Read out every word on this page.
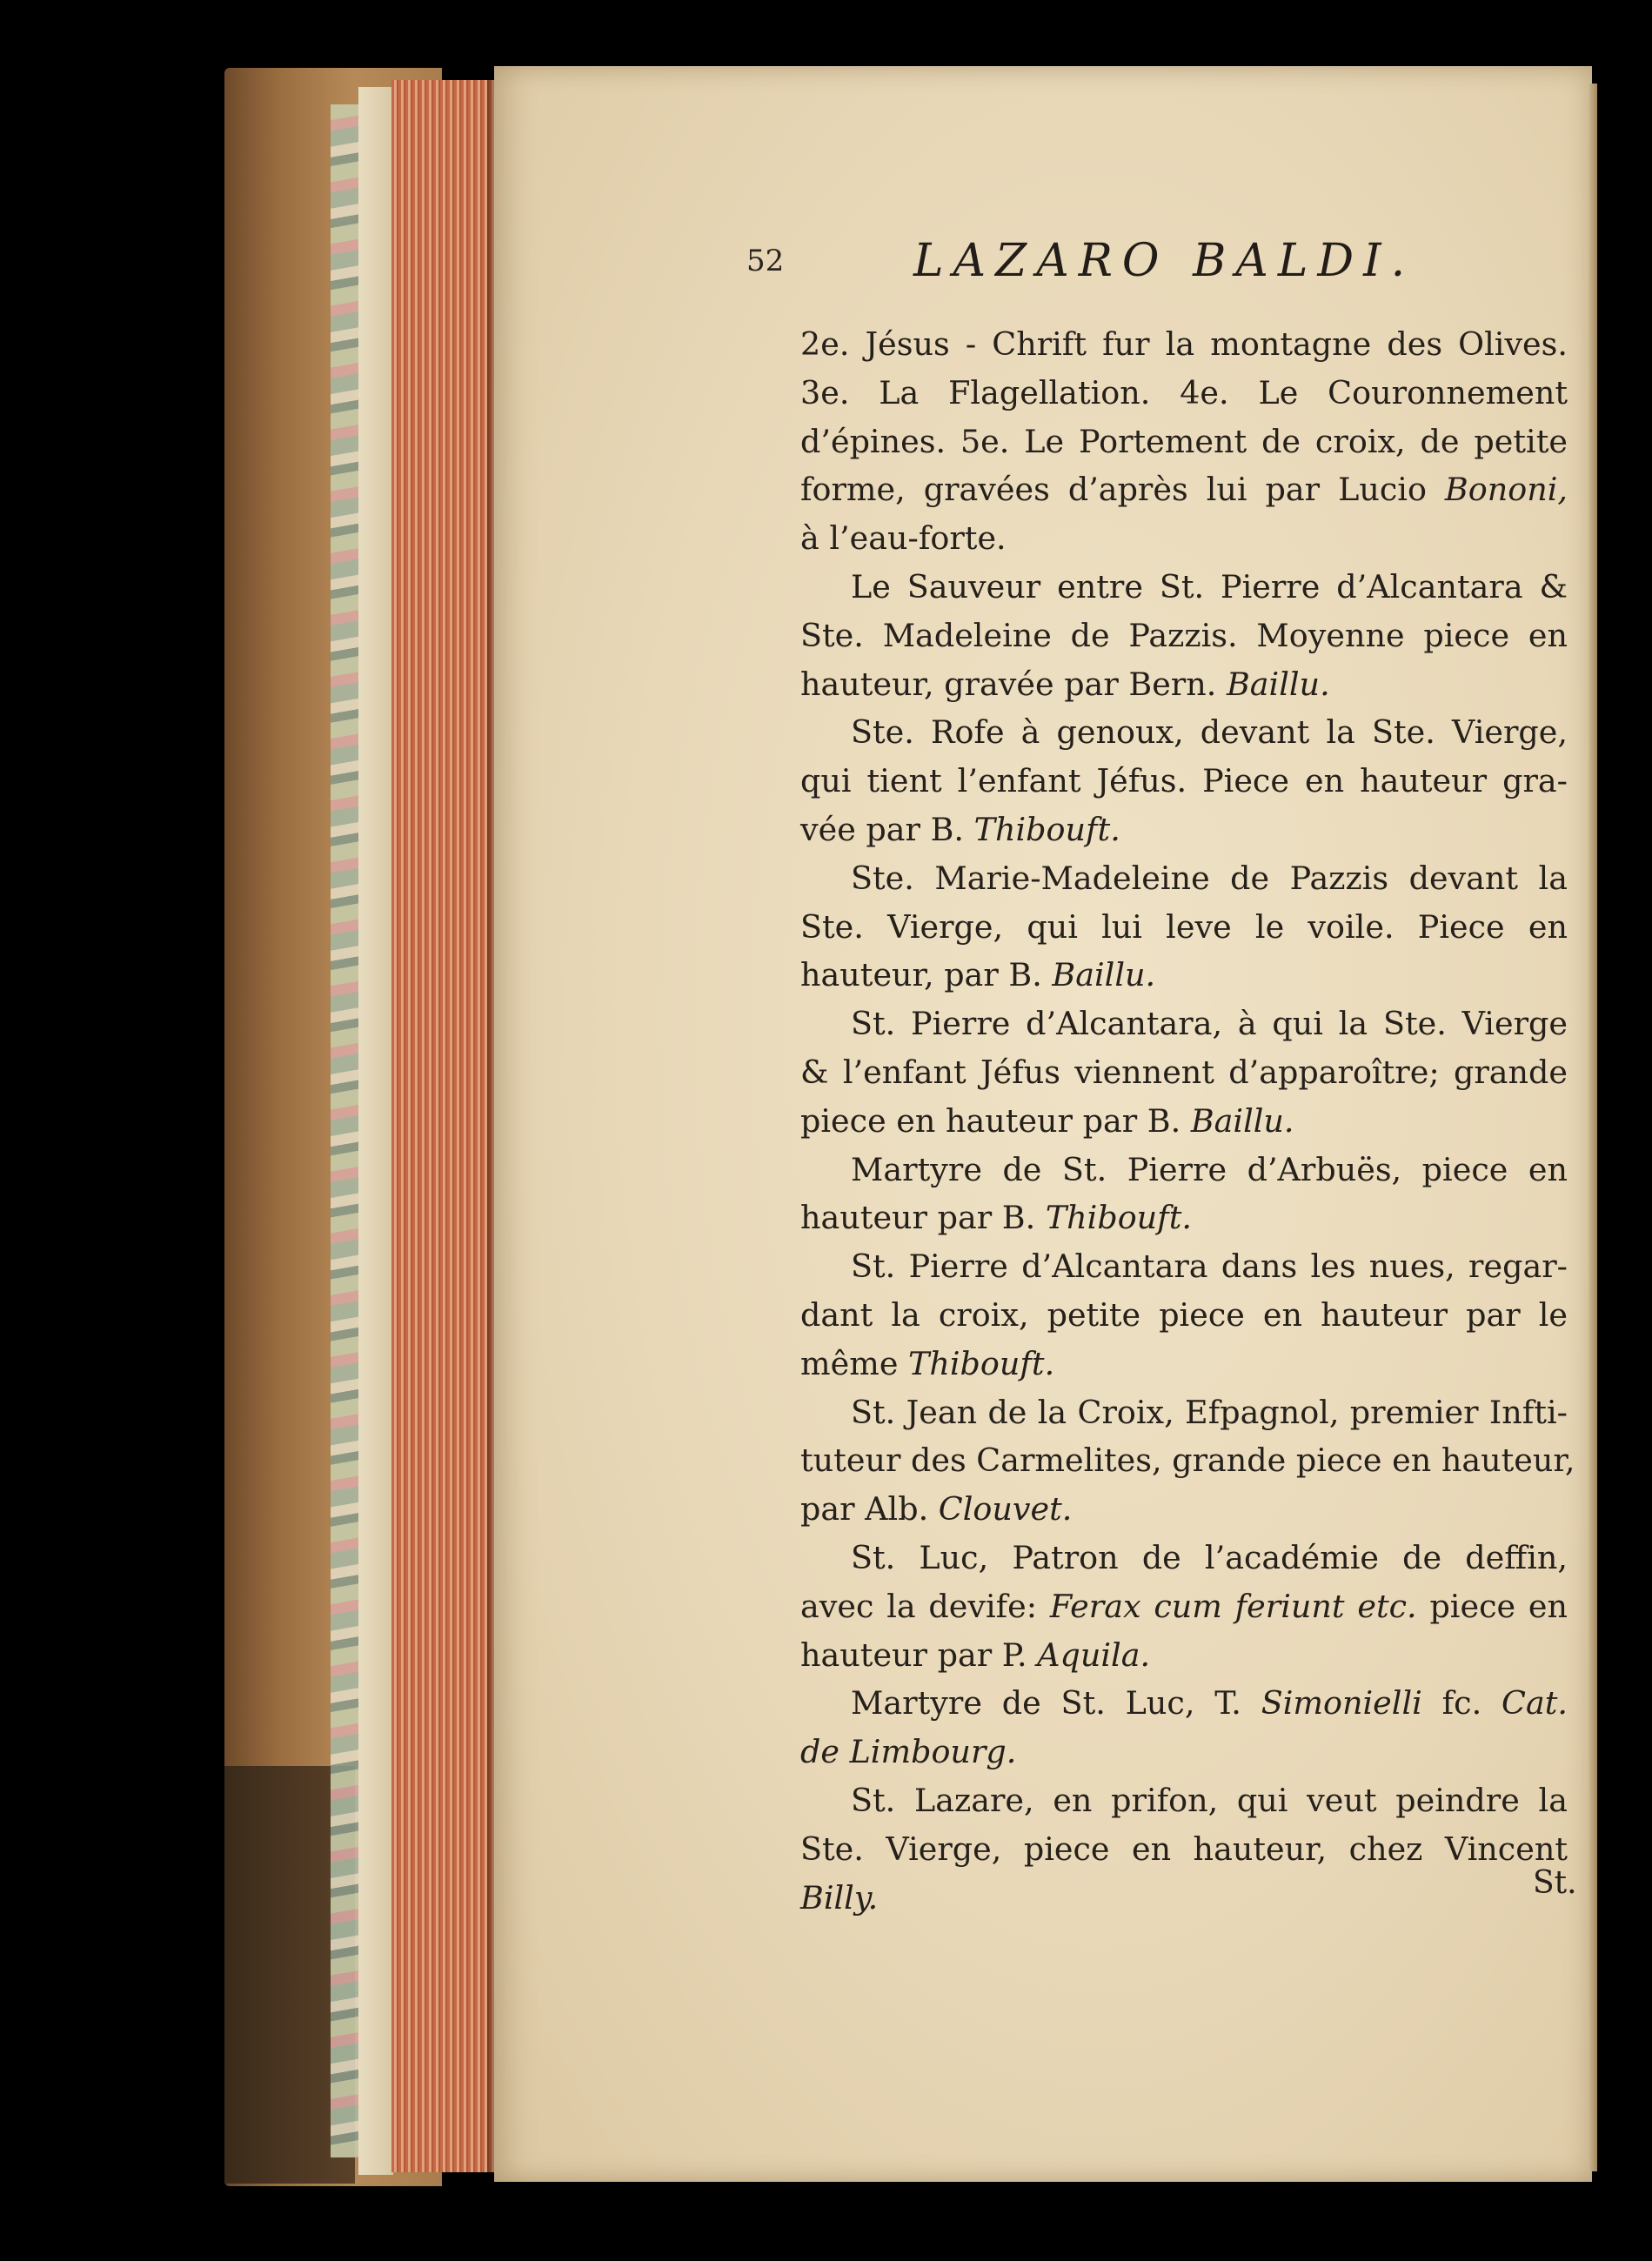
52	LAZARO BALDI.
2e. Jésus - Chrift fur la montagne des Olives.
3e. La Flagellation. 4e. Le Couronnement
d’épines. 5e. Le Portement de croix, de petite
forme, gravées d’après lui par Lucio Bononi,
à l’eau-forte.
Le Sauveur entre St. Pierre d’Alcantara &
Ste. Madeleine de Pazzis. Moyenne piece en
hauteur, gravée par Bern. Baillu.
Ste. Rofe à genoux, devant la Ste. Vierge,
qui tient l’enfant Jéfus. Piece en hauteur gra-
vée par B. Thibouft.
Ste. Marie-Madeleine de Pazzis devant la
Ste. Vierge, qui lui leve le voile. Piece en
hauteur, par B. Baillu.
St. Pierre d’Alcantara, à qui la Ste. Vierge
& l’enfant Jéfus viennent d’apparoître; grande
piece en hauteur par B. Baillu.
Martyre de St. Pierre d’Arbuës, piece en
hauteur par B. Thibouft.
St. Pierre d’Alcantara dans les nues, regar-
dant la croix, petite piece en hauteur par le
même Thibouft.
St. Jean de la Croix, Efpagnol, premier Infti-
tuteur des Carmelites, grande piece en hauteur,
par Alb. Clouvet.
St. Luc, Patron de l’académie de deffin,
avec la devife: Ferax cum feriunt etc. piece en
hauteur par P. Aquila.
Martyre de St. Luc, T. Simonielli fc. Cat.
de Limbourg.
St. Lazare, en prifon, qui veut peindre la
Ste. Vierge, piece en hauteur, chez Vincent
Billy.	St.
